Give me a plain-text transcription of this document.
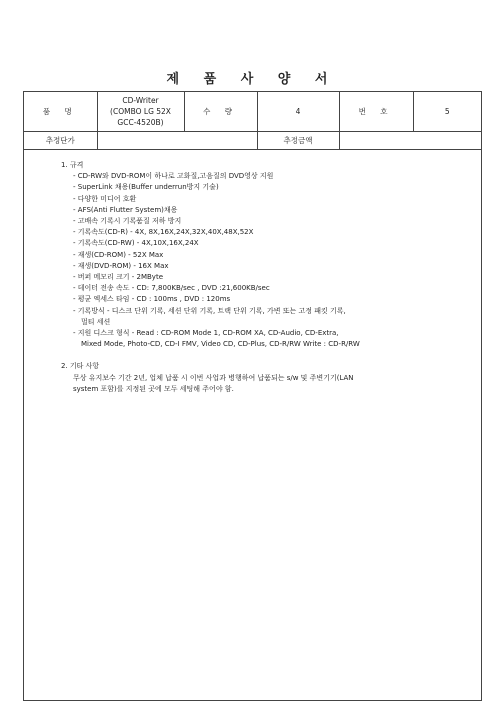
제 품 사 양 서
품 명	CD-Writer
(COMBO LG 52X
GCC-4520B)	수 량	4	번 호	5
추정단가			추정금액		
1. 규격
- CD-RW와 DVD-ROM이 하나로 고화질,고음질의 DVD영상 지원
- SuperLink 채용(Buffer underrun방지 기술)
- 다양한 미디어 호환
- AFS(Anti Flutter System)채용
- 고배속 기록시 기록품질 저하 방지
- 기록속도(CD-R) - 4X, 8X,16X,24X,32X,40X,48X,52X
- 기록속도(CD-RW) - 4X,10X,16X,24X
- 재생(CD-ROM) - 52X Max
- 재생(DVD-ROM) - 16X Max
- 버퍼 메모리 크기 - 2MByte
- 데이터 전송 속도 - CD: 7,800KB/sec , DVD :21,600KB/sec
- 평균 엑세스 타임 - CD : 100ms , DVD : 120ms
- 기록방식 - 디스크 단위 기록, 세션 단위 기록, 트랙 단위 기록, 가변 또는 고정 패킷 기록,
멀티 세션
- 지원 디스크 형식 - Read : CD-ROM Mode 1, CD-ROM XA, CD-Audio, CD-Extra,
Mixed Mode, Photo-CD, CD-I FMV, Video CD, CD-Plus, CD-R/RW Write : CD-R/RW
2. 기타 사항
무상 유지보수 기간 2년, 업체 납품 시 이번 사업과 병행하여 납품되는 s/w 및 주변기기(LAN
system 포함)를 지정된 곳에 모두 세팅해 주어야 함.
